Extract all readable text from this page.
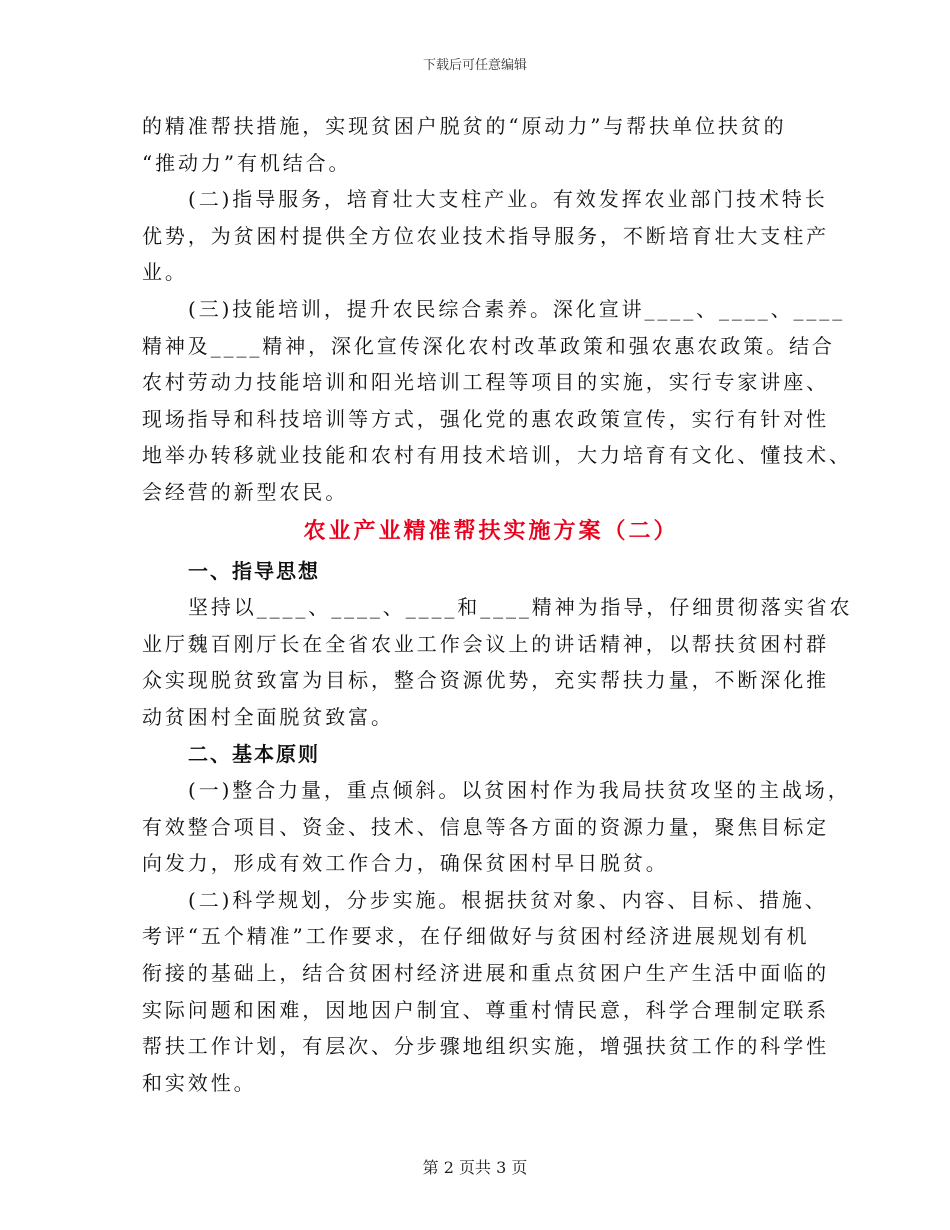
下载后可任意编辑
的精准帮扶措施，实现贫困户脱贫的“原动力”与帮扶单位扶贫的
“推动力”有机结合。
(二)指导服务，培育壮大支柱产业。有效发挥农业部门技术特长
优势，为贫困村提供全方位农业技术指导服务，不断培育壮大支柱产
业。
(三)技能培训，提升农民综合素养。深化宣讲____、____、____
精神及____精神，深化宣传深化农村改革政策和强农惠农政策。结合
农村劳动力技能培训和阳光培训工程等项目的实施，实行专家讲座、
现场指导和科技培训等方式，强化党的惠农政策宣传，实行有针对性
地举办转移就业技能和农村有用技术培训，大力培育有文化、懂技术、
会经营的新型农民。
农业产业精准帮扶实施方案（二）
一、指导思想
坚持以____、____、____和____精神为指导，仔细贯彻落实省农
业厅魏百刚厅长在全省农业工作会议上的讲话精神，以帮扶贫困村群
众实现脱贫致富为目标，整合资源优势，充实帮扶力量，不断深化推
动贫困村全面脱贫致富。
二、基本原则
(一)整合力量，重点倾斜。以贫困村作为我局扶贫攻坚的主战场，
有效整合项目、资金、技术、信息等各方面的资源力量，聚焦目标定
向发力，形成有效工作合力，确保贫困村早日脱贫。
(二)科学规划，分步实施。根据扶贫对象、内容、目标、措施、
考评“五个精准”工作要求，在仔细做好与贫困村经济进展规划有机
衔接的基础上，结合贫困村经济进展和重点贫困户生产生活中面临的
实际问题和困难，因地因户制宜、尊重村情民意，科学合理制定联系
帮扶工作计划，有层次、分步骤地组织实施，增强扶贫工作的科学性
和实效性。
第 2 页共 3 页
